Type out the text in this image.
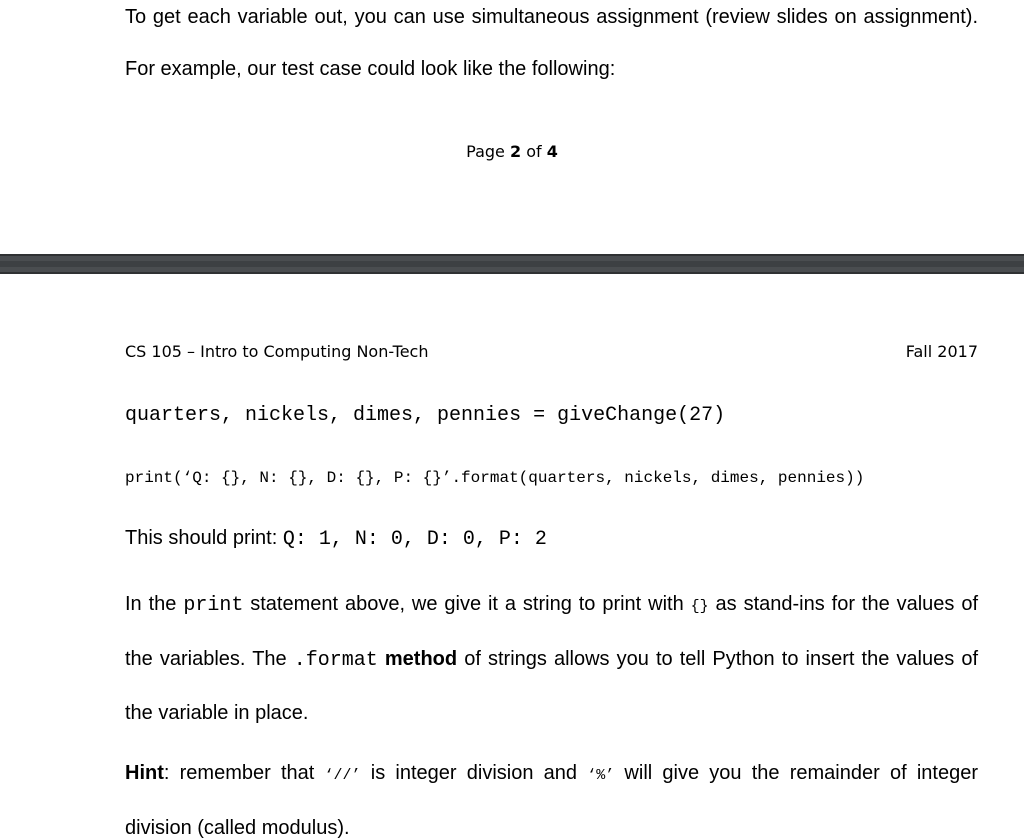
To get each variable out, you can use simultaneous assignment (review slides on assignment). For example, our test case could look like the following:
Page 2 of 4
CS 105 – Intro to Computing Non-Tech	Fall 2017
quarters, nickels, dimes, pennies = giveChange(27)
print(‘Q: {}, N: {}, D: {}, P: {}’.format(quarters, nickels, dimes, pennies))
This should print: Q: 1, N: 0, D: 0, P: 2
In the print statement above, we give it a string to print with {} as stand-ins for the values of the variables. The .format method of strings allows you to tell Python to insert the values of the variable in place.
Hint: remember that ‘//’ is integer division and ‘%’ will give you the remainder of integer division (called modulus).
